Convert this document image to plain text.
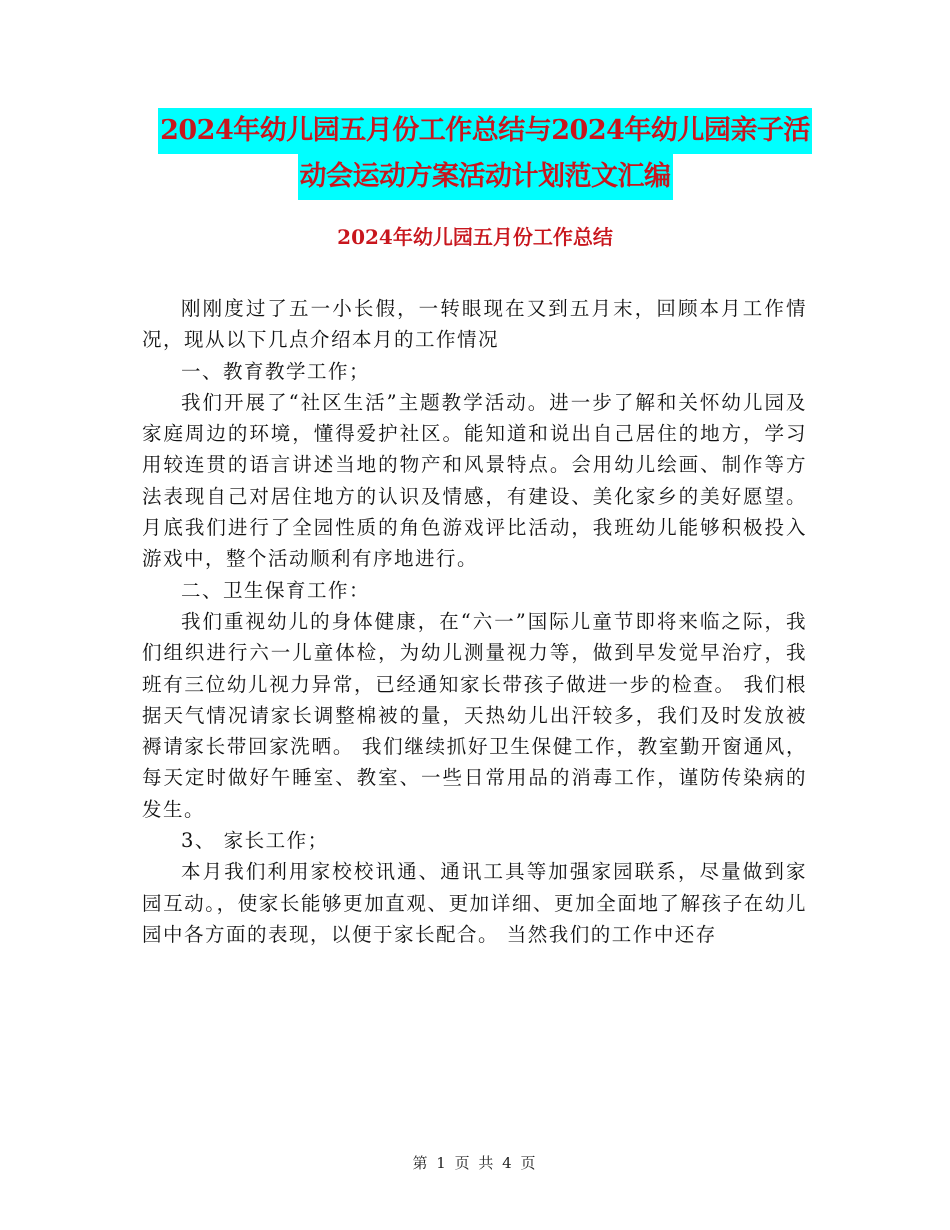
2024年幼儿园五月份工作总结与2024年幼儿园亲子活
动会运动方案活动计划范文汇编
2024年幼儿园五月份工作总结

刚刚度过了五一小长假，一转眼现在又到五月末，回顾本月工作情况，现从以下几点介绍本月的工作情况

一、教育教学工作；

我们开展了“社区生活”主题教学活动。进一步了解和关怀幼儿园及家庭周边的环境，懂得爱护社区。能知道和说出自己居住的地方，学习用较连贯的语言讲述当地的物产和风景特点。会用幼儿绘画、制作等方法表现自己对居住地方的认识及情感，有建设、美化家乡的美好愿望。 月底我们进行了全园性质的角色游戏评比活动，我班幼儿能够积极投入游戏中，整个活动顺利有序地进行。

二、卫生保育工作：

我们重视幼儿的身体健康，在“六一”国际儿童节即将来临之际，我们组织进行六一儿童体检，为幼儿测量视力等，做到早发觉早治疗，我班有三位幼儿视力异常，已经通知家长带孩子做进一步的检查。 我们根据天气情况请家长调整棉被的量，天热幼儿出汗较多，我们及时发放被褥请家长带回家洗晒。 我们继续抓好卫生保健工作，教室勤开窗通风，每天定时做好午睡室、教室、一些日常用品的消毒工作，谨防传染病的发生。

3、 家长工作；

本月我们利用家校校讯通、通讯工具等加强家园联系，尽量做到家园互动。，使家长能够更加直观、更加详细、更加全面地了解孩子在幼儿园中各方面的表现，以便于家长配合。 当然我们的工作中还存

第 1 页 共 4 页
